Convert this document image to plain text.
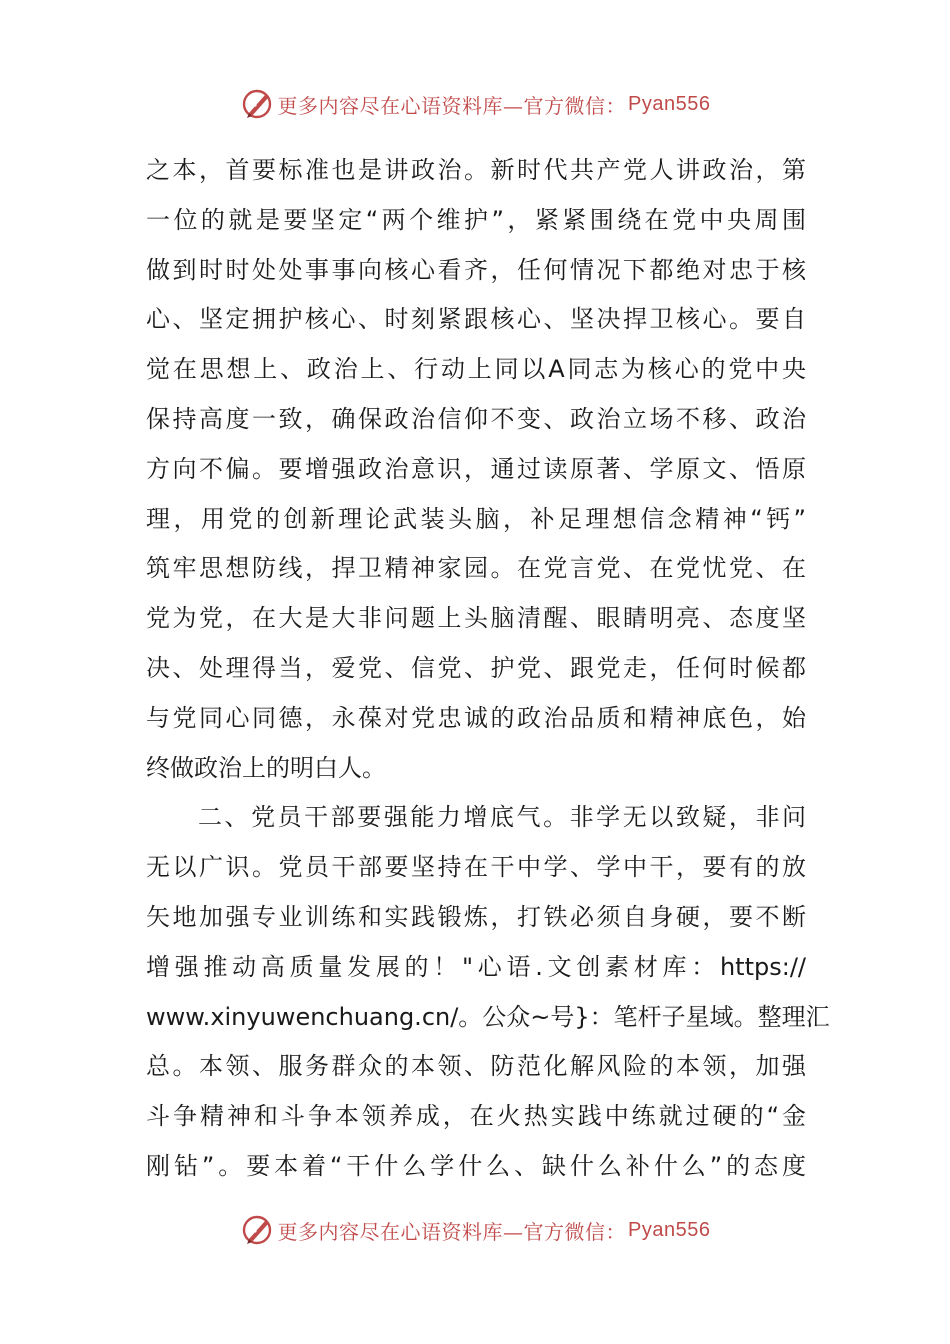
更多内容尽在心语资料库—官方微信： Pyan556
之本，首要标准也是讲政治。新时代共产党人讲政治，第
一位的就是要坚定“两个维护”，紧紧围绕在党中央周围
做到时时处处事事向核心看齐，任何情况下都绝对忠于核
心、坚定拥护核心、时刻紧跟核心、坚决捍卫核心。要自
觉在思想上、政治上、行动上同以A同志为核心的党中央
保持高度一致，确保政治信仰不变、政治立场不移、政治
方向不偏。要增强政治意识，通过读原著、学原文、悟原
理，用党的创新理论武装头脑，补足理想信念精神“钙”
筑牢思想防线，捍卫精神家园。在党言党、在党忧党、在
党为党，在大是大非问题上头脑清醒、眼睛明亮、态度坚
决、处理得当，爱党、信党、护党、跟党走，任何时候都
与党同心同德，永葆对党忠诚的政治品质和精神底色，始
终做政治上的明白人。
二、党员干部要强能力增底气。非学无以致疑，非问
无以广识。党员干部要坚持在干中学、学中干，要有的放
矢地加强专业训练和实践锻炼，打铁必须自身硬，要不断
增强推动高质量发展的！"心语.文创素材库：https://
www.xinyuwenchuang.cn/。公众~号}：笔杆子星域。整理汇
总。本领、服务群众的本领、防范化解风险的本领，加强
斗争精神和斗争本领养成，在火热实践中练就过硬的“金
刚钻”。要本着“干什么学什么、缺什么补什么”的态度
更多内容尽在心语资料库—官方微信： Pyan556
